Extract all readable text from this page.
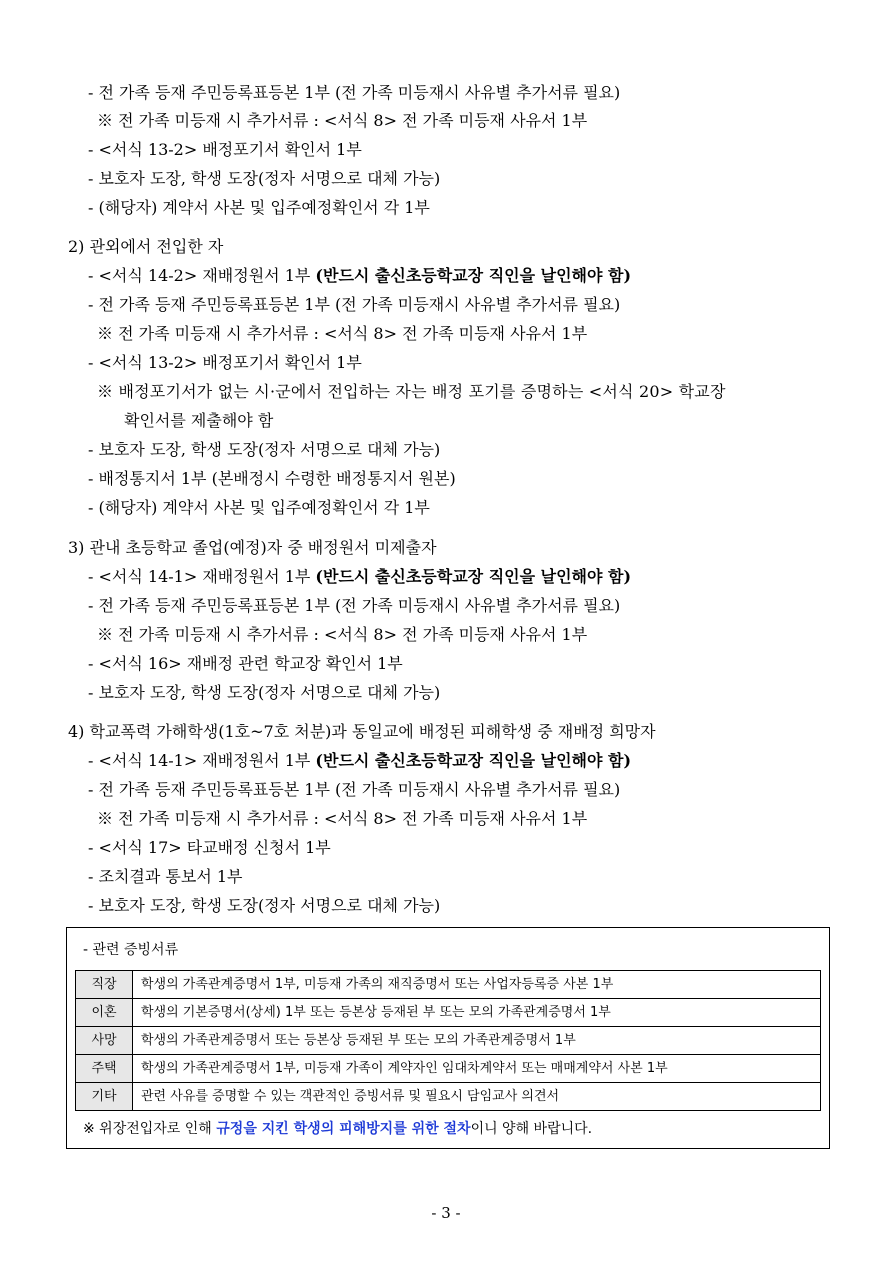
- 전 가족 등재 주민등록표등본 1부 (전 가족 미등재시 사유별 추가서류 필요)
※ 전 가족 미등재 시 추가서류 : <서식 8> 전 가족 미등재 사유서 1부
- <서식 13-2> 배정포기서 확인서 1부
- 보호자 도장, 학생 도장(정자 서명으로 대체 가능)
- (해당자) 계약서 사본 및 입주예정확인서 각 1부
2) 관외에서 전입한 자
- <서식 14-2> 재배정원서 1부 (반드시 출신초등학교장 직인을 날인해야 함)
- 전 가족 등재 주민등록표등본 1부 (전 가족 미등재시 사유별 추가서류 필요)
※ 전 가족 미등재 시 추가서류 : <서식 8> 전 가족 미등재 사유서 1부
- <서식 13-2> 배정포기서 확인서 1부
※ 배정포기서가 없는 시·군에서 전입하는 자는 배정 포기를 증명하는 <서식 20> 학교장
확인서를 제출해야 함
- 보호자 도장, 학생 도장(정자 서명으로 대체 가능)
- 배정통지서 1부 (본배정시 수령한 배정통지서 원본)
- (해당자) 계약서 사본 및 입주예정확인서 각 1부
3) 관내 초등학교 졸업(예정)자 중 배정원서 미제출자
- <서식 14-1> 재배정원서 1부 (반드시 출신초등학교장 직인을 날인해야 함)
- 전 가족 등재 주민등록표등본 1부 (전 가족 미등재시 사유별 추가서류 필요)
※ 전 가족 미등재 시 추가서류 : <서식 8> 전 가족 미등재 사유서 1부
- <서식 16> 재배정 관련 학교장 확인서 1부
- 보호자 도장, 학생 도장(정자 서명으로 대체 가능)
4) 학교폭력 가해학생(1호~7호 처분)과 동일교에 배정된 피해학생 중 재배정 희망자
- <서식 14-1> 재배정원서 1부 (반드시 출신초등학교장 직인을 날인해야 함)
- 전 가족 등재 주민등록표등본 1부 (전 가족 미등재시 사유별 추가서류 필요)
※ 전 가족 미등재 시 추가서류 : <서식 8> 전 가족 미등재 사유서 1부
- <서식 17> 타교배정 신청서 1부
- 조치결과 통보서 1부
- 보호자 도장, 학생 도장(정자 서명으로 대체 가능)
- 관련 증빙서류
직장	학생의 가족관계증명서 1부, 미등재 가족의 재직증명서 또는 사업자등록증 사본 1부
이혼	학생의 기본증명서(상세) 1부 또는 등본상 등재된 부 또는 모의 가족관계증명서 1부
사망	학생의 가족관계증명서 또는 등본상 등재된 부 또는 모의 가족관계증명서 1부
주택	학생의 가족관계증명서 1부, 미등재 가족이 계약자인 임대차계약서 또는 매매계약서 사본 1부
기타	관련 사유를 증명할 수 있는 객관적인 증빙서류 및 필요시 담임교사 의견서
※ 위장전입자로 인해 규정을 지킨 학생의 피해방지를 위한 절차이니 양해 바랍니다.
- 3 -
